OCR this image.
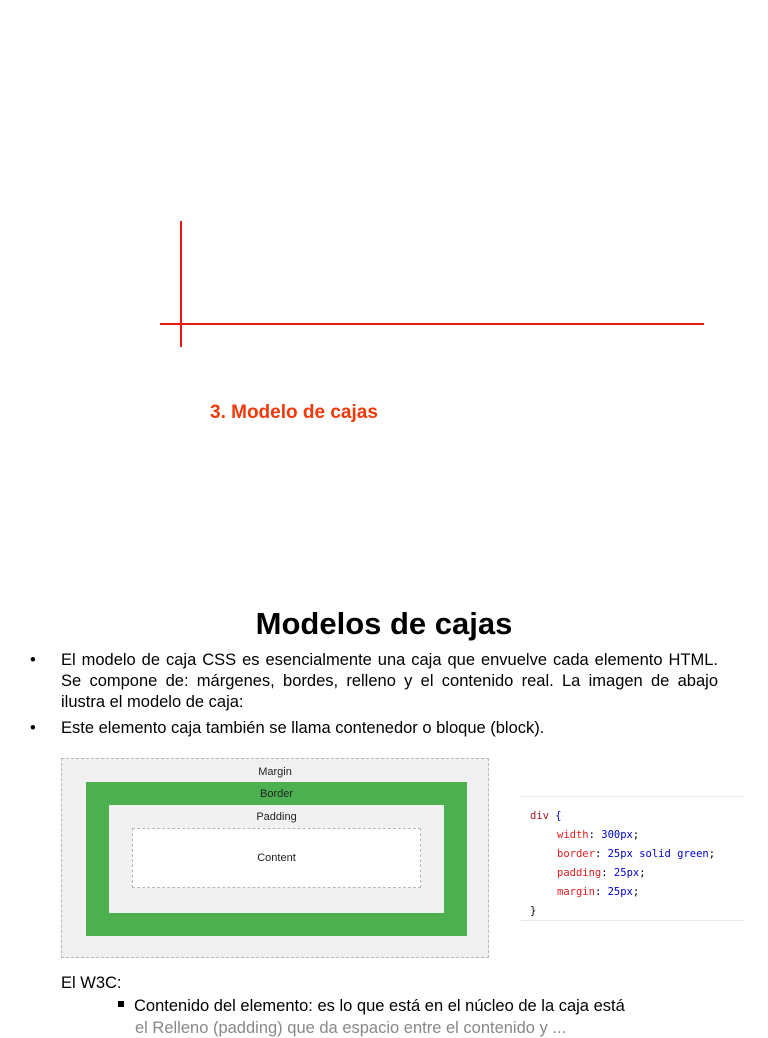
3. Modelo de cajas
Modelos de cajas
• El modelo de caja CSS es esencialmente una caja que envuelve cada elemento HTML. Se compone de: márgenes, bordes, relleno y el contenido real. La imagen de abajo ilustra el modelo de caja:
• Este elemento caja también se llama contenedor o bloque (block).
Margin
Border
Padding
Content
div {
width: 300px;
border: 25px solid green;
padding: 25px;
margin: 25px;
}
El W3C:
Contenido del elemento: es lo que está en el núcleo de la caja está
el Relleno (padding) que da espacio entre el contenido y ...
